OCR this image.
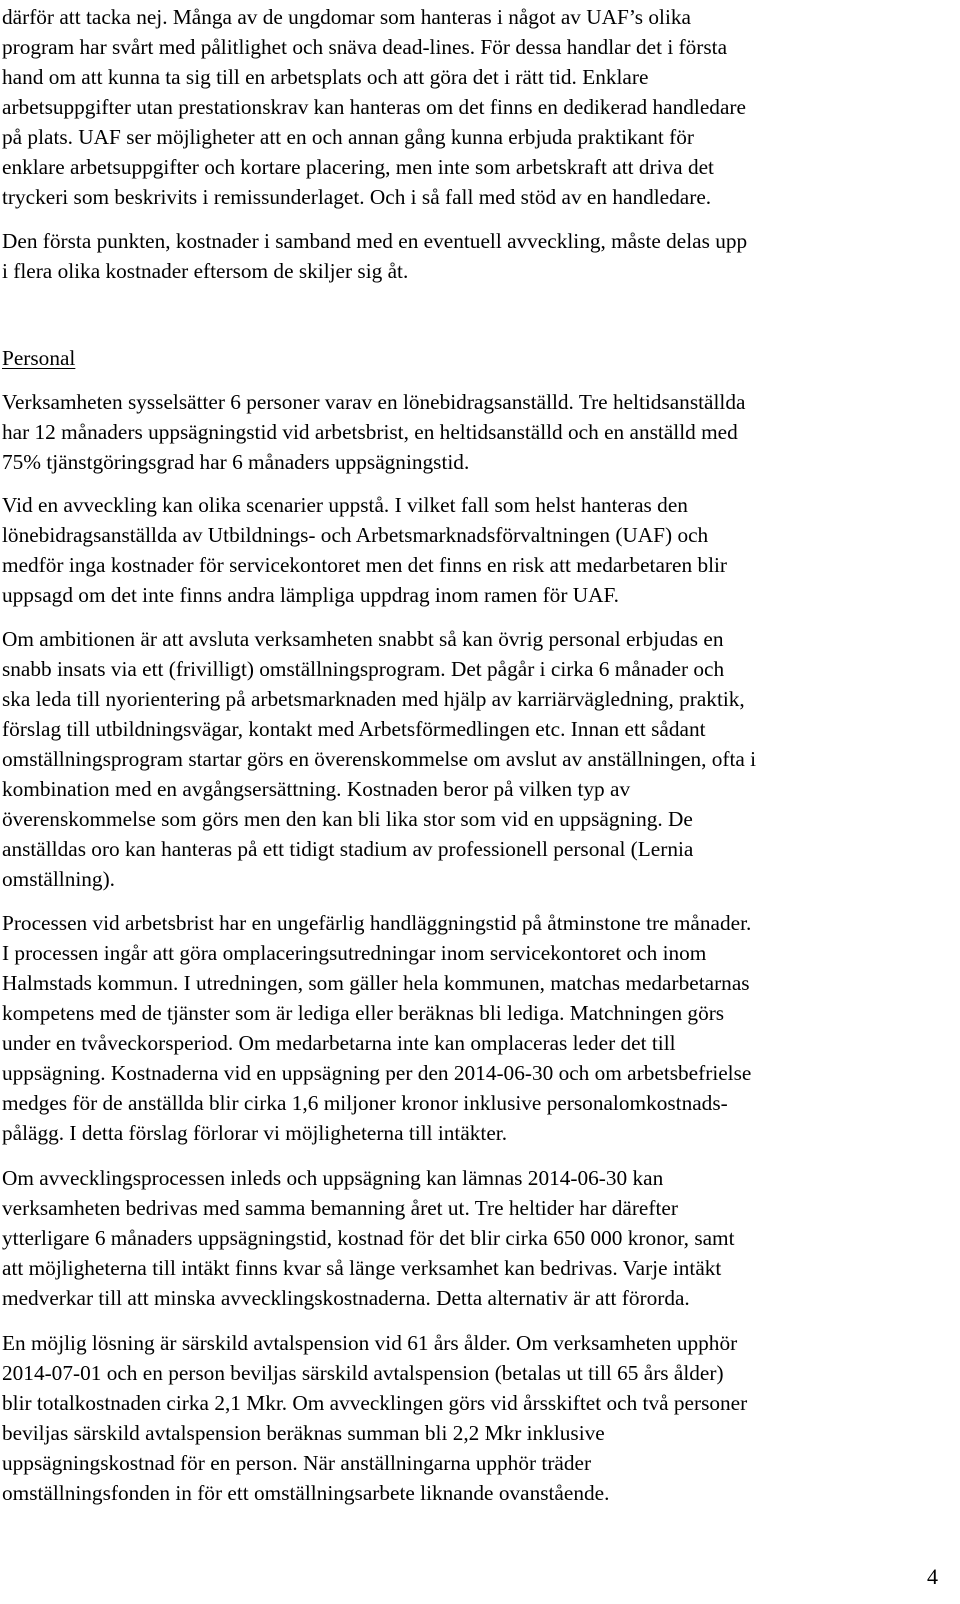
därför att tacka nej. Många av de ungdomar som hanteras i något av UAF’s olika

program har svårt med pålitlighet och snäva dead-lines. För dessa handlar det i första

hand om att kunna ta sig till en arbetsplats och att göra det i rätt tid. Enklare

arbetsuppgifter utan prestationskrav kan hanteras om det finns en dedikerad handledare

på plats. UAF ser möjligheter att en och annan gång kunna erbjuda praktikant för

enklare arbetsuppgifter och kortare placering, men inte som arbetskraft att driva det

tryckeri som beskrivits i remissunderlaget. Och i så fall med stöd av en handledare.

Den första punkten, kostnader i samband med en eventuell avveckling, måste delas upp

i flera olika kostnader eftersom de skiljer sig åt.

Personal

Verksamheten sysselsätter 6 personer varav en lönebidragsanställd. Tre heltidsanställda

har 12 månaders uppsägningstid vid arbetsbrist, en heltidsanställd och en anställd med

75% tjänstgöringsgrad har 6 månaders uppsägningstid.

Vid en avveckling kan olika scenarier uppstå. I vilket fall som helst hanteras den

lönebidragsanställda av Utbildnings- och Arbetsmarknadsförvaltningen (UAF) och

medför inga kostnader för servicekontoret men det finns en risk att medarbetaren blir

uppsagd om det inte finns andra lämpliga uppdrag inom ramen för UAF.

Om ambitionen är att avsluta verksamheten snabbt så kan övrig personal erbjudas en

snabb insats via ett (frivilligt) omställningsprogram. Det pågår i cirka 6 månader och

ska leda till nyorientering på arbetsmarknaden med hjälp av karriärvägledning, praktik,

förslag till utbildningsvägar, kontakt med Arbetsförmedlingen etc. Innan ett sådant

omställningsprogram startar görs en överenskommelse om avslut av anställningen, ofta i

kombination med en avgångsersättning. Kostnaden beror på vilken typ av

överenskommelse som görs men den kan bli lika stor som vid en uppsägning. De

anställdas oro kan hanteras på ett tidigt stadium av professionell personal (Lernia

omställning).

Processen vid arbetsbrist har en ungefärlig handläggningstid på åtminstone tre månader.

I processen ingår att göra omplaceringsutredningar inom servicekontoret och inom

Halmstads kommun. I utredningen, som gäller hela kommunen, matchas medarbetarnas

kompetens med de tjänster som är lediga eller beräknas bli lediga. Matchningen görs

under en tvåveckorsperiod. Om medarbetarna inte kan omplaceras leder det till

uppsägning. Kostnaderna vid en uppsägning per den 2014-06-30 och om arbetsbefrielse

medges för de anställda blir cirka 1,6 miljoner kronor inklusive personalomkostnads-

pålägg. I detta förslag förlorar vi möjligheterna till intäkter.

Om avvecklingsprocessen inleds och uppsägning kan lämnas 2014-06-30 kan

verksamheten bedrivas med samma bemanning året ut. Tre heltider har därefter

ytterligare 6 månaders uppsägningstid, kostnad för det blir cirka 650 000 kronor, samt

att möjligheterna till intäkt finns kvar så länge verksamhet kan bedrivas. Varje intäkt

medverkar till att minska avvecklingskostnaderna. Detta alternativ är att förorda.

En möjlig lösning är särskild avtalspension vid 61 års ålder. Om verksamheten upphör

2014-07-01 och en person beviljas särskild avtalspension (betalas ut till 65 års ålder)

blir totalkostnaden cirka 2,1 Mkr. Om avvecklingen görs vid årsskiftet och två personer

beviljas särskild avtalspension beräknas summan bli 2,2 Mkr inklusive

uppsägningskostnad för en person. När anställningarna upphör träder

omställningsfonden in för ett omställningsarbete liknande ovanstående.

4
